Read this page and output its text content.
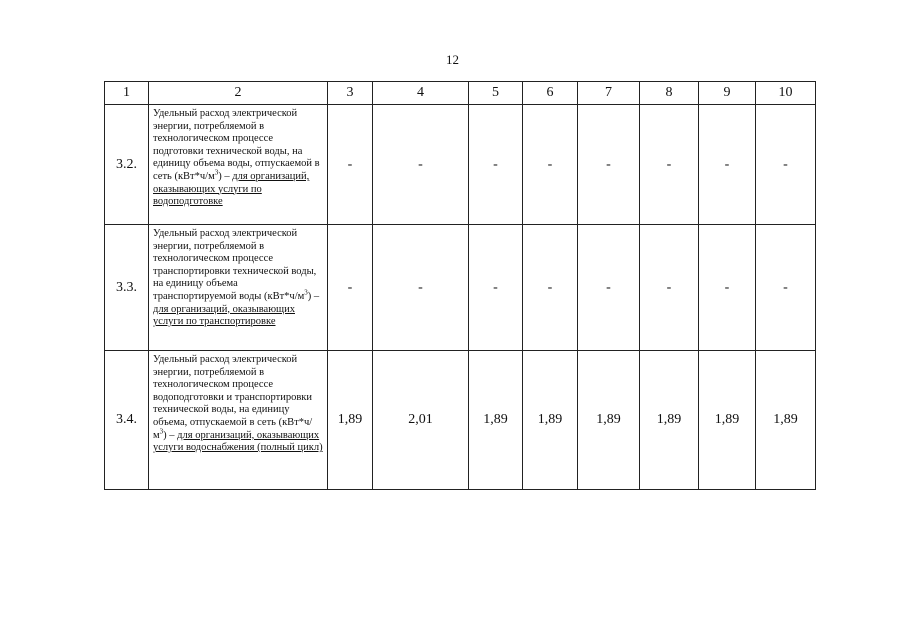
12
1	2	3	4	5	6	7	8	9	10
3.2.	Удельный расход электрической энергии, потребляемой в технологическом процессе подготовки технической воды, на единицу объема воды, отпускаемой в сеть $(кВт*ч/м^3)$ – для организаций, оказывающих услуги по водоподготовке	-	-	-	-	-	-	-	-
3.3.	Удельный расход электрической энергии, потребляемой в технологическом процессе транспортировки технической воды, на единицу объема транспортируемой воды $(кВт*ч/м^3)$ – для организаций, оказывающих услуги по транспортировке	-	-	-	-	-	-	-	-
3.4.	Удельный расход электрической энергии, потребляемой в технологическом процессе водоподготовки и транспортировки технической воды, на единицу объема, отпускаемой в сеть $(кВт*ч/м^3)$ – для организаций, оказывающих услуги водоснабжения (полный цикл)	1,89	2,01	1,89	1,89	1,89	1,89	1,89	1,89
